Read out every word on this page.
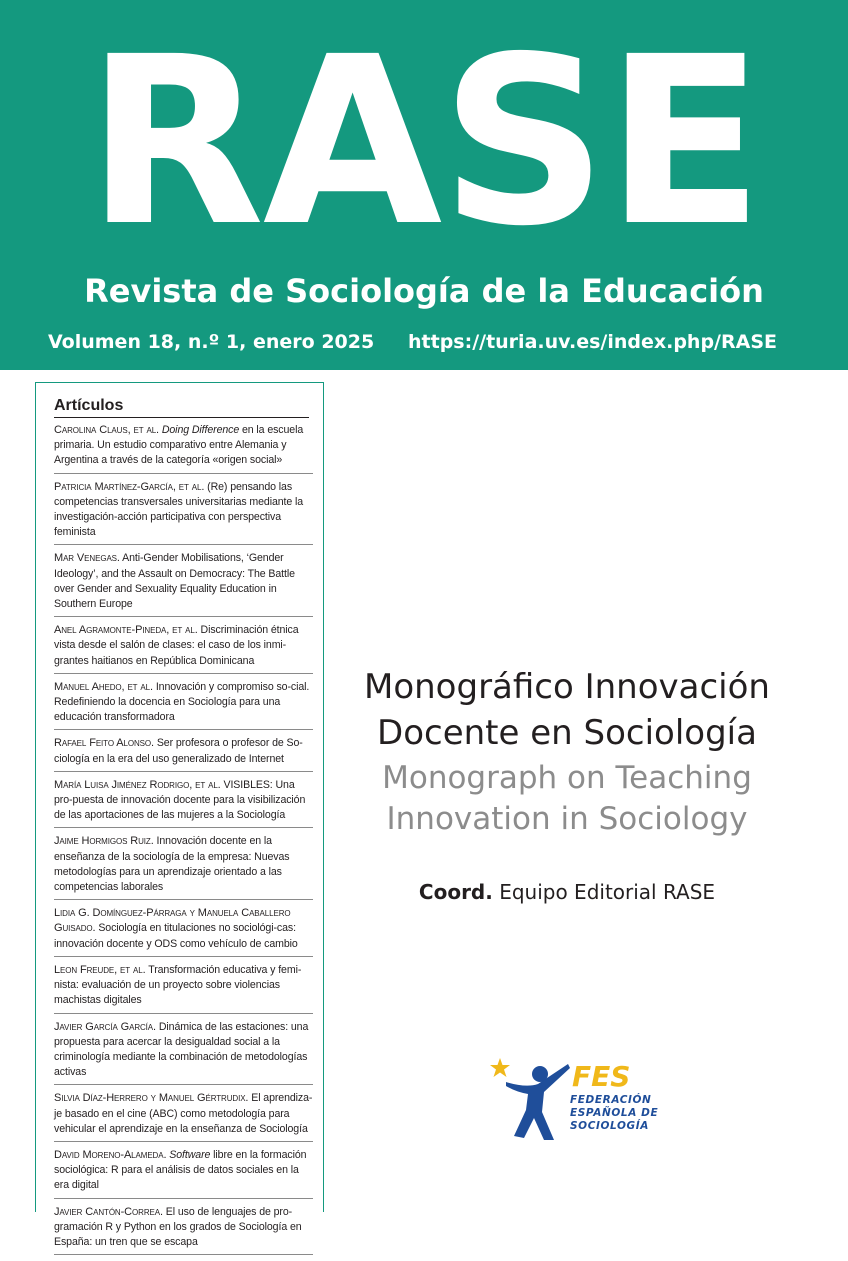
RASE
Revista de Sociología de la Educación
Volumen 18, n.º 1, enero 2025 https://turia.uv.es/index.php/RASE
Artículos
Carolina Claus, et al. Doing Difference en la escuela primaria. Un estudio comparativo entre Alemania y Argentina a través de la categoría «origen social»
Patricia Martínez-García, et al. (Re) pensando las competencias transversales universitarias mediante la investigación-acción participativa con perspectiva feminista
Mar Venegas. Anti-Gender Mobilisations, ‘Gender Ideology’, and the Assault on Democracy: The Battle over Gender and Sexuality Equality Education in Southern Europe
Anel Agramonte-Pineda, et al. Discriminación étnica vista desde el salón de clases: el caso de los inmi-grantes haitianos en República Dominicana
Manuel Ahedo, et al. Innovación y compromiso so-cial. Redefiniendo la docencia en Sociología para una educación transformadora
Rafael Feito Alonso. Ser profesora o profesor de So-ciología en la era del uso generalizado de Internet
María Luisa Jiménez Rodrigo, et al. VISIBLES: Una pro-puesta de innovación docente para la visibilización de las aportaciones de las mujeres a la Sociología
Jaime Hormigos Ruiz. Innovación docente en la enseñanza de la sociología de la empresa: Nuevas metodologías para un aprendizaje orientado a las competencias laborales
Lidia G. Domínguez-Párraga y Manuela Caballero Guisado. Sociología en titulaciones no sociológi-cas: innovación docente y ODS como vehículo de cambio
Leon Freude, et al. Transformación educativa y femi-nista: evaluación de un proyecto sobre violencias machistas digitales
Javier García García. Dinámica de las estaciones: una propuesta para acercar la desigualdad social a la criminología mediante la combinación de metodologías activas
Silvia Díaz-Herrero y Manuel Gértrudix. El aprendiza-je basado en el cine (ABC) como metodología para vehicular el aprendizaje en la enseñanza de Sociología
David Moreno-Alameda. Software libre en la formación sociológica: R para el análisis de datos sociales en la era digital
Javier Cantón-Correa. El uso de lenguajes de pro-gramación R y Python en los grados de Sociología en España: un tren que se escapa
Monográfico Innovación
Docente en Sociología
Monograph on Teaching
Innovation in Sociology
Coord. Equipo Editorial RASE
FES
FEDERACIÓN
ESPAÑOLA DE
SOCIOLOGÍA
